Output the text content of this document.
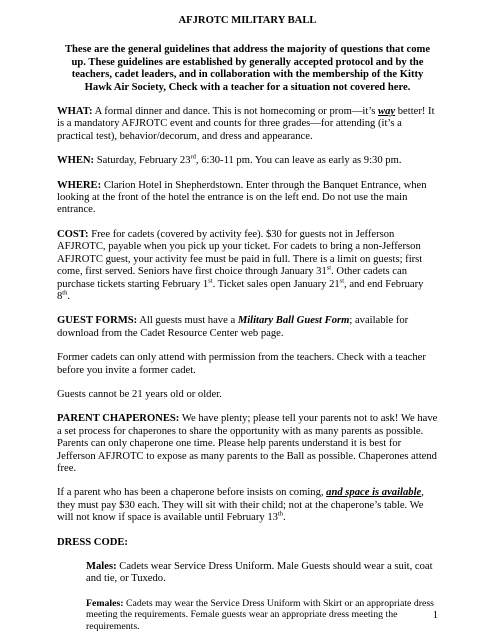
AFJROTC MILITARY BALL
These are the general guidelines that address the majority of questions that come up. These guidelines are established by generally accepted protocol and by the teachers, cadet leaders, and in collaboration with the membership of the Kitty Hawk Air Society, Check with a teacher for a situation not covered here.

WHAT: A formal dinner and dance. This is not homecoming or prom—it’s way better! It is a mandatory AFJROTC event and counts for three grades—for attending (it’s a practical test), behavior/decorum, and dress and appearance.

WHEN: Saturday, February 23rd, 6:30-11 pm. You can leave as early as 9:30 pm.

WHERE: Clarion Hotel in Shepherdstown. Enter through the Banquet Entrance, when looking at the front of the hotel the entrance is on the left end. Do not use the main entrance.

COST: Free for cadets (covered by activity fee). $30 for guests not in Jefferson AFJROTC, payable when you pick up your ticket. For cadets to bring a non-Jefferson AFJROTC guest, your activity fee must be paid in full. There is a limit on guests; first come, first served. Seniors have first choice through January 31st. Other cadets can purchase tickets starting February 1st. Ticket sales open January 21st, and end February 8th.

GUEST FORMS: All guests must have a Military Ball Guest Form; available for download from the Cadet Resource Center web page.

Former cadets can only attend with permission from the teachers. Check with a teacher before you invite a former cadet.

Guests cannot be 21 years old or older.

PARENT CHAPERONES: We have plenty; please tell your parents not to ask! We have a set process for chaperones to share the opportunity with as many parents as possible. Parents can only chaperone one time. Please help parents understand it is best for Jefferson AFJROTC to expose as many parents to the Ball as possible. Chaperones attend free.

If a parent who has been a chaperone before insists on coming, and space is available, they must pay $30 each. They will sit with their child; not at the chaperone’s table. We will not know if space is available until February 13th.

DRESS CODE:

Males: Cadets wear Service Dress Uniform. Male Guests should wear a suit, coat and tie, or Tuxedo.

Females: Cadets may wear the Service Dress Uniform with Skirt or an appropriate dress meeting the requirements. Female guests wear an appropriate dress meeting the requirements.

1
